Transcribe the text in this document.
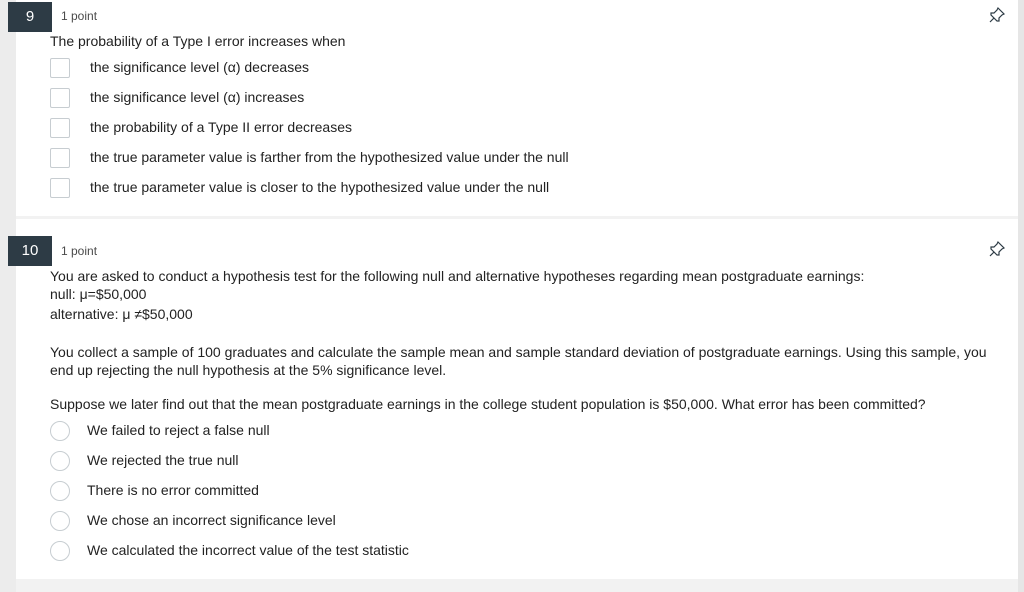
1 point
The probability of a Type I error increases when
the significance level (α) decreases
the significance level (α) increases
the probability of a Type II error decreases
the true parameter value is farther from the hypothesized value under the null
the true parameter value is closer to the hypothesized value under the null
9
1 point
You are asked to conduct a hypothesis test for the following null and alternative hypotheses regarding mean postgraduate earnings:
null: μ=$50,000
alternative: μ ≠$50,000
You collect a sample of 100 graduates and calculate the sample mean and sample standard deviation of postgraduate earnings. Using this sample, you end up rejecting the null hypothesis at the 5% significance level.
Suppose we later find out that the mean postgraduate earnings in the college student population is $50,000. What error has been committed?
We failed to reject a false null
We rejected the true null
There is no error committed
We chose an incorrect significance level
We calculated the incorrect value of the test statistic
10
